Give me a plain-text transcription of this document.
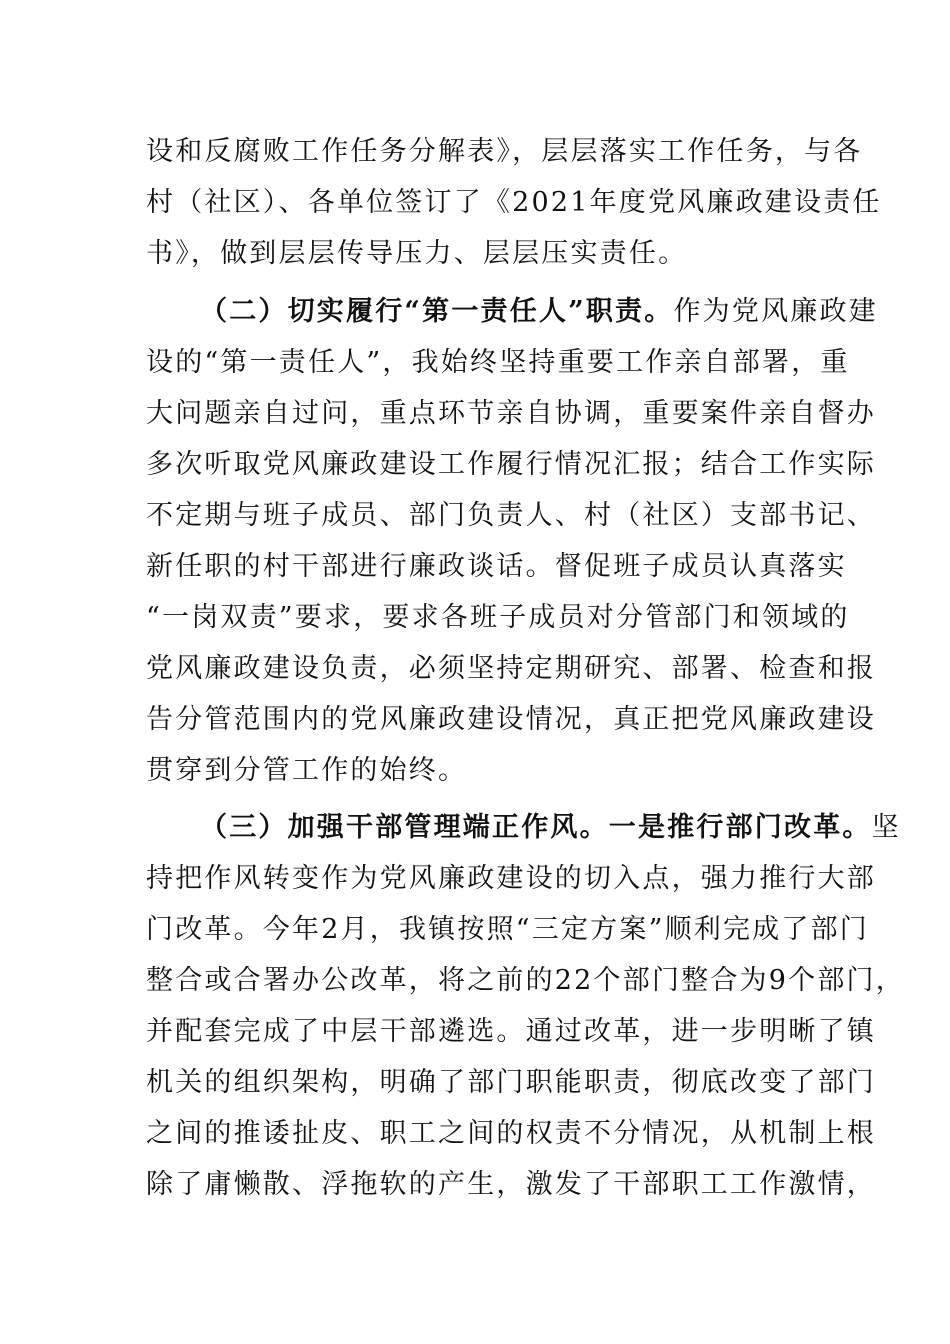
设和反腐败工作任务分解表》，层层落实工作任务，与各
村（社区）、各单位签订了《2021年度党风廉政建设责任
书》，做到层层传导压力、层层压实责任。
（二）切实履行“第一责任人”职责。作为党风廉政建
设的“第一责任人”，我始终坚持重要工作亲自部署，重
大问题亲自过问，重点环节亲自协调，重要案件亲自督办
多次听取党风廉政建设工作履行情况汇报；结合工作实际
不定期与班子成员、部门负责人、村（社区）支部书记、
新任职的村干部进行廉政谈话。督促班子成员认真落实
“一岗双责”要求，要求各班子成员对分管部门和领域的
党风廉政建设负责，必须坚持定期研究、部署、检查和报
告分管范围内的党风廉政建设情况，真正把党风廉政建设
贯穿到分管工作的始终。
（三）加强干部管理端正作风。一是推行部门改革。坚
持把作风转变作为党风廉政建设的切入点，强力推行大部
门改革。今年2月，我镇按照“三定方案”顺利完成了部门
整合或合署办公改革，将之前的22个部门整合为9个部门，
并配套完成了中层干部遴选。通过改革，进一步明晰了镇
机关的组织架构，明确了部门职能职责，彻底改变了部门
之间的推诿扯皮、职工之间的权责不分情况，从机制上根
除了庸懒散、浮拖软的产生，激发了干部职工工作激情，
